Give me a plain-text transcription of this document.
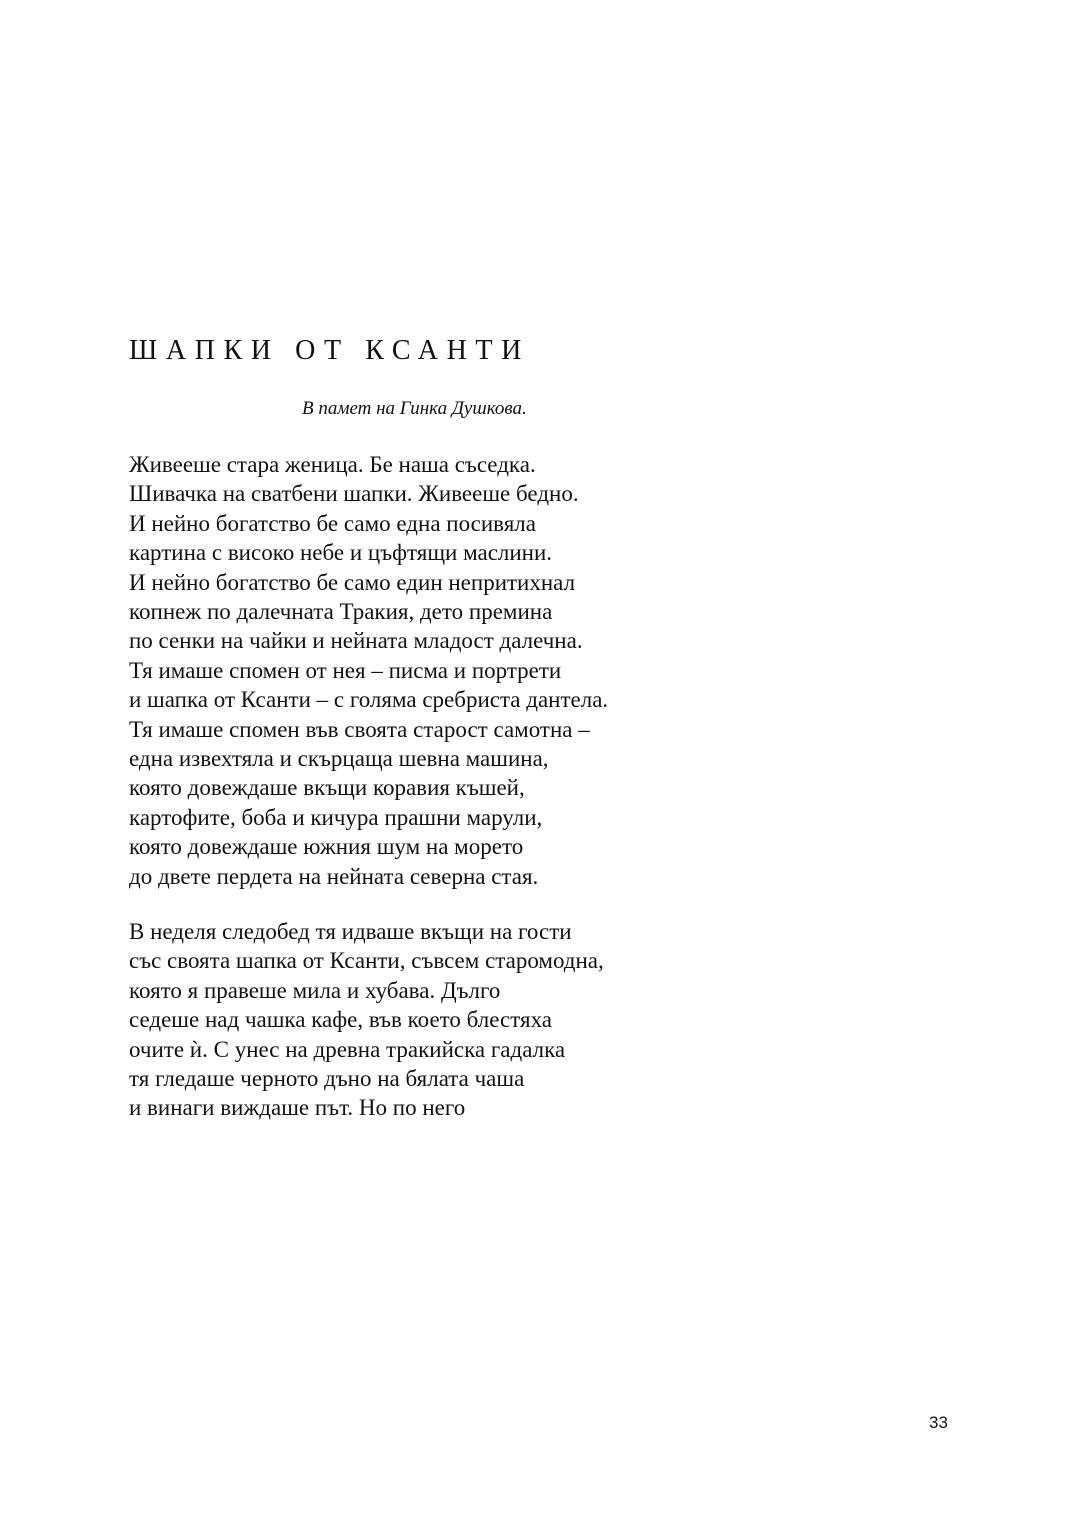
ШАПКИ ОТ КСАНТИ

В памет на Гинка Душкова.

Живееше стара женица. Бе наша съседка.
Шивачка на сватбени шапки. Живееше бедно.
И нейно богатство бе само една посивяла
картина с високо небе и цъфтящи маслини.
И нейно богатство бе само един непритихнал
копнеж по далечната Тракия, дето премина
по сенки на чайки и нейната младост далечна.
Тя имаше спомен от нея – писма и портрети
и шапка от Ксанти – с голяма сребриста дантела.
Тя имаше спомен във своята старост самотна –
една извехтяла и скърцаща шевна машина,
която довеждаше вкъщи коравия къшей,
картофите, боба и кичура прашни марули,
която довеждаше южния шум на морето
до двете пердета на нейната северна стая.
В неделя следобед тя идваше вкъщи на гости
със своята шапка от Ксанти, съвсем старомодна,
която я правеше мила и хубава. Дълго
седеше над чашка кафе, във което блестяха
очите ѝ. С унес на древна тракийска гадалка
тя гледаше черното дъно на бялата чаша
и винаги виждаше път. Но по него
33
